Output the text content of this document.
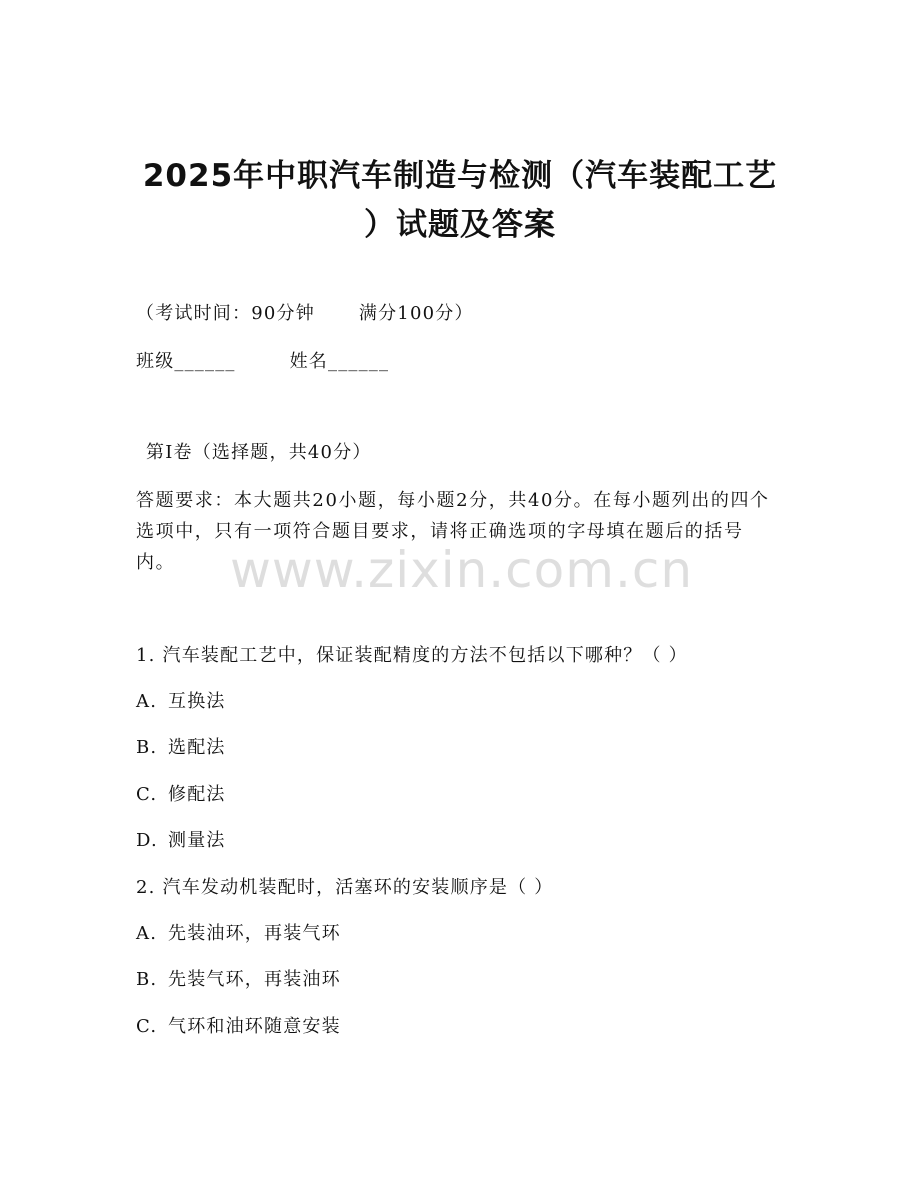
2025年中职汽车制造与检测（汽车装配工艺
）试题及答案
（考试时间：90分钟 满分100分）
班级______	姓名______
第Ⅰ卷（选择题，共40分）

答题要求：本大题共20小题，每小题2分，共40分。在每小题列出的四个选项中，只有一项符合题目要求，请将正确选项的字母填在题后的括号内。	www.zixin.com.cn
1. 汽车装配工艺中，保证装配精度的方法不包括以下哪种？（ ）
A. 互换法
B. 选配法
C. 修配法
D. 测量法
2. 汽车发动机装配时，活塞环的安装顺序是（ ）
A. 先装油环，再装气环
B. 先装气环，再装油环
C. 气环和油环随意安装
